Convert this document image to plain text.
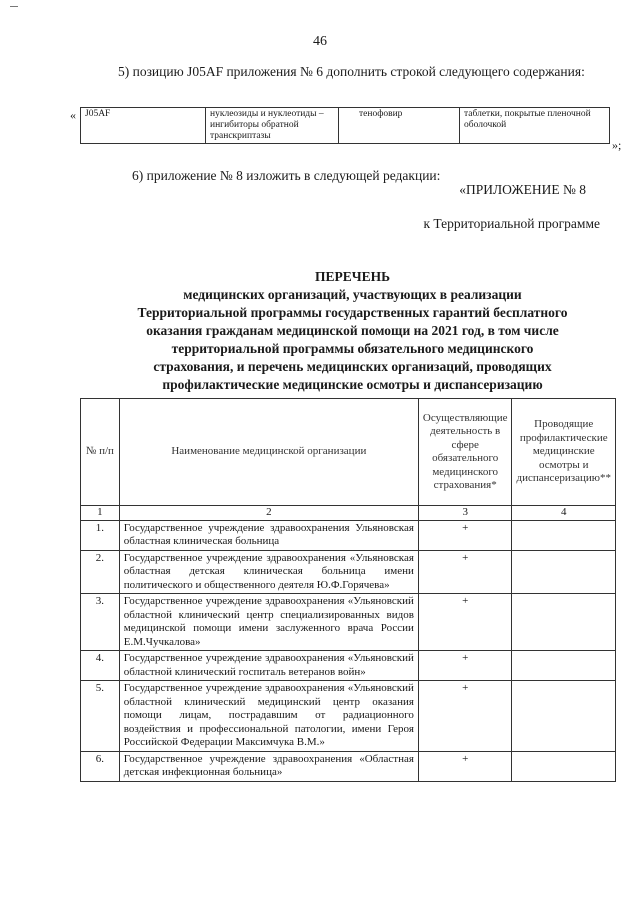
46
5) позицию J05AF приложения № 6 дополнить строкой следующего содержания:
« J05AF	нуклеозиды и нуклеотиды – ингибиторы обратной транскриптазы	тенофовир	таблетки, покрытые пленочной оболочкой
»;
6) приложение № 8 изложить в следующей редакции:
«ПРИЛОЖЕНИЕ № 8
к Территориальной программе
ПЕРЕЧЕНЬ
медицинских организаций, участвующих в реализации
Территориальной программы государственных гарантий бесплатного
оказания гражданам медицинской помощи на 2021 год, в том числе
территориальной программы обязательного медицинского
страхования, и перечень медицинских организаций, проводящих
профилактические медицинские осмотры и диспансеризацию
№ п/п	Наименование медицинской организации	Осуществляющие деятельность в сфере обязательного медицинского страхования*	Проводящие профилактические медицинские осмотры и диспансеризацию**
1	2	3	4
1.	Государственное учреждение здравоохранения Ульяновская областная клиническая больница	+	
2.	Государственное учреждение здравоохранения «Ульяновская областная детская клиническая больница имени политического и общественного деятеля Ю.Ф.Горячева»	+	
3.	Государственное учреждение здравоохранения «Ульяновский областной клинический центр специализированных видов медицинской помощи имени заслуженного врача России Е.М.Чучкалова»	+	
4.	Государственное учреждение здравоохранения «Ульяновский областной клинический госпиталь ветеранов войн»	+	
5.	Государственное учреждение здравоохранения «Ульяновский областной клинический медицинский центр оказания помощи лицам, пострадавшим от радиационного воздействия и профессиональной патологии, имени Героя Российской Федерации Максимчука В.М.»	+	
6.	Государственное учреждение здравоохранения «Областная детская инфекционная больница»	+	
